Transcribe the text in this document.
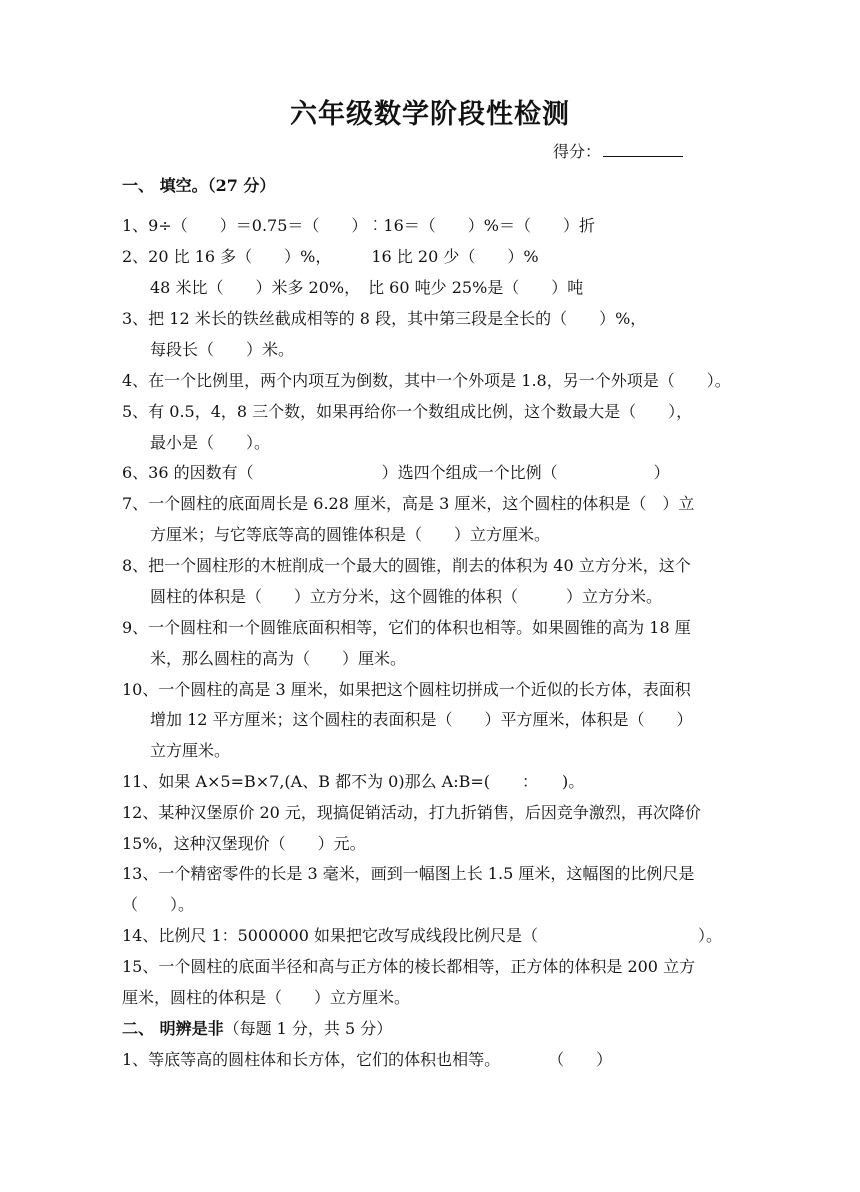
六年级数学阶段性检测
得分：
一、 填空。（27 分）
1、9÷（　　）＝0.75＝（　　）︰16＝（　　）%＝（　　）折
2、20 比 16 多（　　）%，　　　16 比 20 少（　　）%
48 米比（　　）米多 20%，　比 60 吨少 25%是（　　）吨
3、把 12 米长的铁丝截成相等的 8 段，其中第三段是全长的（　　）%，
每段长（　　）米。
4、在一个比例里，两个内项互为倒数，其中一个外项是 1.8，另一个外项是（　　）。
5、有 0.5，4，8 三个数，如果再给你一个数组成比例，这个数最大是（　　），
最小是（　　）。
6、36 的因数有（　　　　　　　　）选四个组成一个比例（　　　　　　）
7、一个圆柱的底面周长是 6.28 厘米，高是 3 厘米，这个圆柱的体积是（　）立
方厘米；与它等底等高的圆锥体积是（　　）立方厘米。
8、把一个圆柱形的木桩削成一个最大的圆锥，削去的体积为 40 立方分米，这个
圆柱的体积是（　　）立方分米，这个圆锥的体积（　　　）立方分米。
9、一个圆柱和一个圆锥底面积相等，它们的体积也相等。如果圆锥的高为 18 厘
米，那么圆柱的高为（　　）厘米。
10、一个圆柱的高是 3 厘米，如果把这个圆柱切拼成一个近似的长方体，表面积
增加 12 平方厘米；这个圆柱的表面积是（　　）平方厘米，体积是（　　）
立方厘米。
11、如果 A×5=B×7,(A、B 都不为 0)那么 A:B=(　　：　　)。
12、某种汉堡原价 20 元，现搞促销活动，打九折销售，后因竞争激烈，再次降价
15%，这种汉堡现价（　　）元。
13、一个精密零件的长是 3 毫米，画到一幅图上长 1.5 厘米，这幅图的比例尺是
（　　）。
14、比例尺 1：5000000 如果把它改写成线段比例尺是（　　　　　　　　　　）。
15、一个圆柱的底面半径和高与正方体的棱长都相等，正方体的体积是 200 立方
厘米，圆柱的体积是（　　）立方厘米。
二、 明辨是非（每题 1 分，共 5 分）
1、等底等高的圆柱体和长方体，它们的体积也相等。　　　　（　　）
